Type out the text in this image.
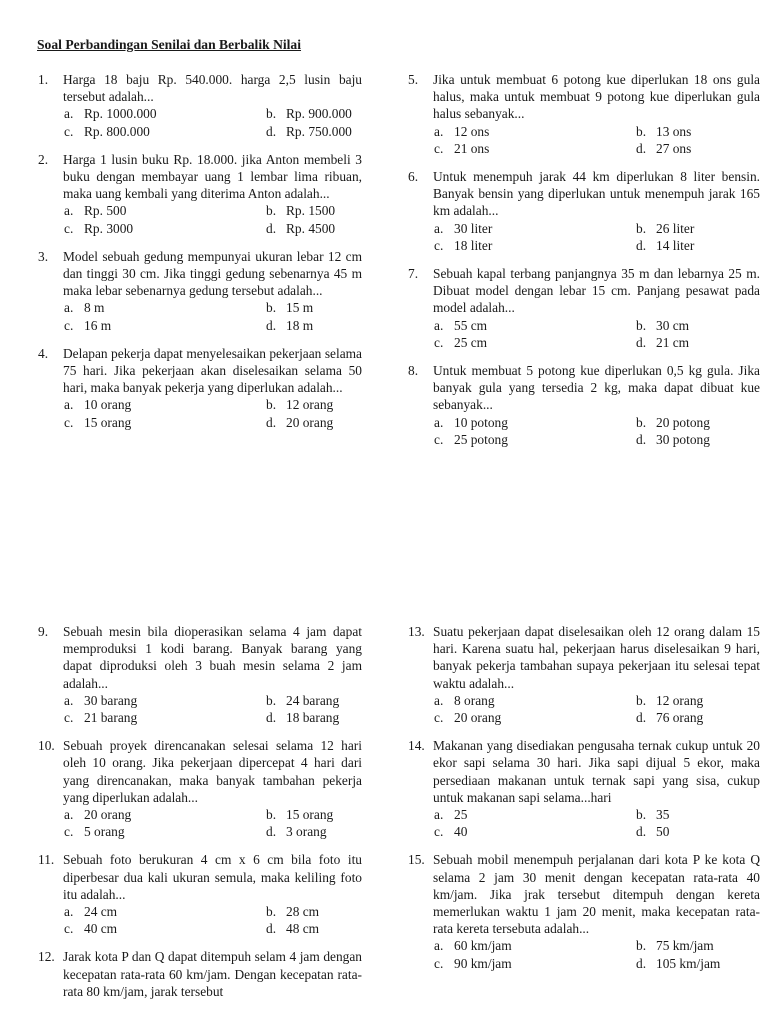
Soal Perbandingan Senilai dan Berbalik Nilai
1. Harga 18 baju Rp. 540.000. harga 2,5 lusin baju tersebut adalah...
a. Rp. 1000.000	b. Rp. 900.000
c. Rp. 800.000	d. Rp. 750.000
2. Harga 1 lusin buku Rp. 18.000. jika Anton membeli 3 buku dengan membayar uang 1 lembar lima ribuan, maka uang kembali yang diterima Anton adalah...
a. Rp. 500	b. Rp. 1500
c. Rp. 3000	d. Rp. 4500
3. Model sebuah gedung mempunyai ukuran lebar 12 cm dan tinggi 30 cm. Jika tinggi gedung sebenarnya 45 m maka lebar sebenarnya gedung tersebut adalah...
a. 8 m	b. 15 m
c. 16 m	d. 18 m
4. Delapan pekerja dapat menyelesaikan pekerjaan selama 75 hari. Jika pekerjaan akan diselesaikan selama 50 hari, maka banyak pekerja yang diperlukan adalah...
a. 10 orang	b. 12 orang
c. 15 orang	d. 20 orang
5. Jika untuk membuat 6 potong kue diperlukan 18 ons gula halus, maka untuk membuat 9 potong kue diperlukan gula halus sebanyak...
a. 12 ons	b. 13 ons
c. 21 ons	d. 27 ons
6. Untuk menempuh jarak 44 km diperlukan 8 liter bensin. Banyak bensin yang diperlukan untuk menempuh jarak 165 km adalah...
a. 30 liter	b. 26 liter
c. 18 liter	d. 14 liter
7. Sebuah kapal terbang panjangnya 35 m dan lebarnya 25 m. Dibuat model dengan lebar 15 cm. Panjang pesawat pada model adalah...
a. 55 cm	b. 30 cm
c. 25 cm	d. 21 cm
8. Untuk membuat 5 potong kue diperlukan 0,5 kg gula. Jika banyak gula yang tersedia 2 kg, maka dapat dibuat kue sebanyak...
a. 10 potong	b. 20 potong
c. 25 potong	d. 30 potong
9. Sebuah mesin bila dioperasikan selama 4 jam dapat memproduksi 1 kodi barang. Banyak barang yang dapat diproduksi oleh 3 buah mesin selama 2 jam adalah...
a. 30 barang	b. 24 barang
c. 21 barang	d. 18 barang
10. Sebuah proyek direncanakan selesai selama 12 hari oleh 10 orang. Jika pekerjaan dipercepat 4 hari dari yang direncanakan, maka banyak tambahan pekerja yang diperlukan adalah...
a. 20 orang	b. 15 orang
c. 5 orang	d. 3 orang
11. Sebuah foto berukuran 4 cm x 6 cm bila foto itu diperbesar dua kali ukuran semula, maka keliling foto itu adalah...
a. 24 cm	b. 28 cm
c. 40 cm	d. 48 cm
12. Jarak kota P dan Q dapat ditempuh selam 4 jam dengan kecepatan rata-rata 60 km/jam. Dengan kecepatan rata-rata 80 km/jam, jarak tersebut
13. Suatu pekerjaan dapat diselesaikan oleh 12 orang dalam 15 hari. Karena suatu hal, pekerjaan harus diselesaikan 9 hari, banyak pekerja tambahan supaya pekerjaan itu selesai tepat waktu adalah...
a. 8 orang	b. 12 orang
c. 20 orang	d. 76 orang
14. Makanan yang disediakan pengusaha ternak cukup untuk 20 ekor sapi selama 30 hari. Jika sapi dijual 5 ekor, maka persediaan makanan untuk ternak sapi yang sisa, cukup untuk makanan sapi selama...hari
a. 25	b. 35
c. 40	d. 50
15. Sebuah mobil menempuh perjalanan dari kota P ke kota Q selama 2 jam 30 menit dengan kecepatan rata-rata 40 km/jam. Jika jrak tersebut ditempuh dengan kereta memerlukan waktu 1 jam 20 menit, maka kecepatan rata-rata kereta tersebuta adalah...
a. 60 km/jam	b. 75 km/jam
c. 90 km/jam	d. 105 km/jam
